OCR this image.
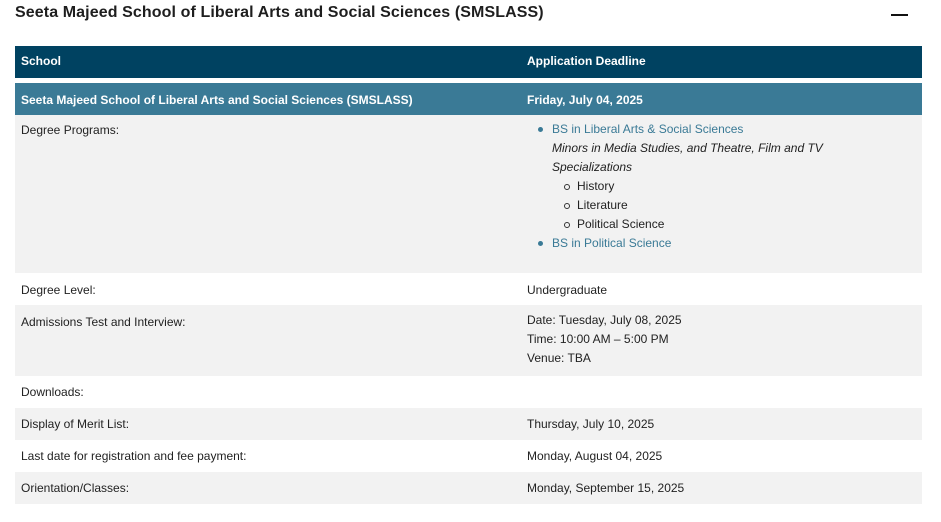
Seeta Majeed School of Liberal Arts and Social Sciences (SMSLASS)
School	Application Deadline
Seeta Majeed School of Liberal Arts and Social Sciences (SMSLASS)	Friday, July 04, 2025
Degree Programs:	BS in Liberal Arts & Social Sciences
Minors in Media Studies, and Theatre, Film and TV
Specializations
History
Literature
Political Science
BS in Political Science
Degree Level:	Undergraduate
Admissions Test and Interview:	Date: Tuesday, July 08, 2025
Time: 10:00 AM – 5:00 PM
Venue: TBA
Downloads:
Display of Merit List:	Thursday, July 10, 2025
Last date for registration and fee payment:	Monday, August 04, 2025
Orientation/Classes:	Monday, September 15, 2025
